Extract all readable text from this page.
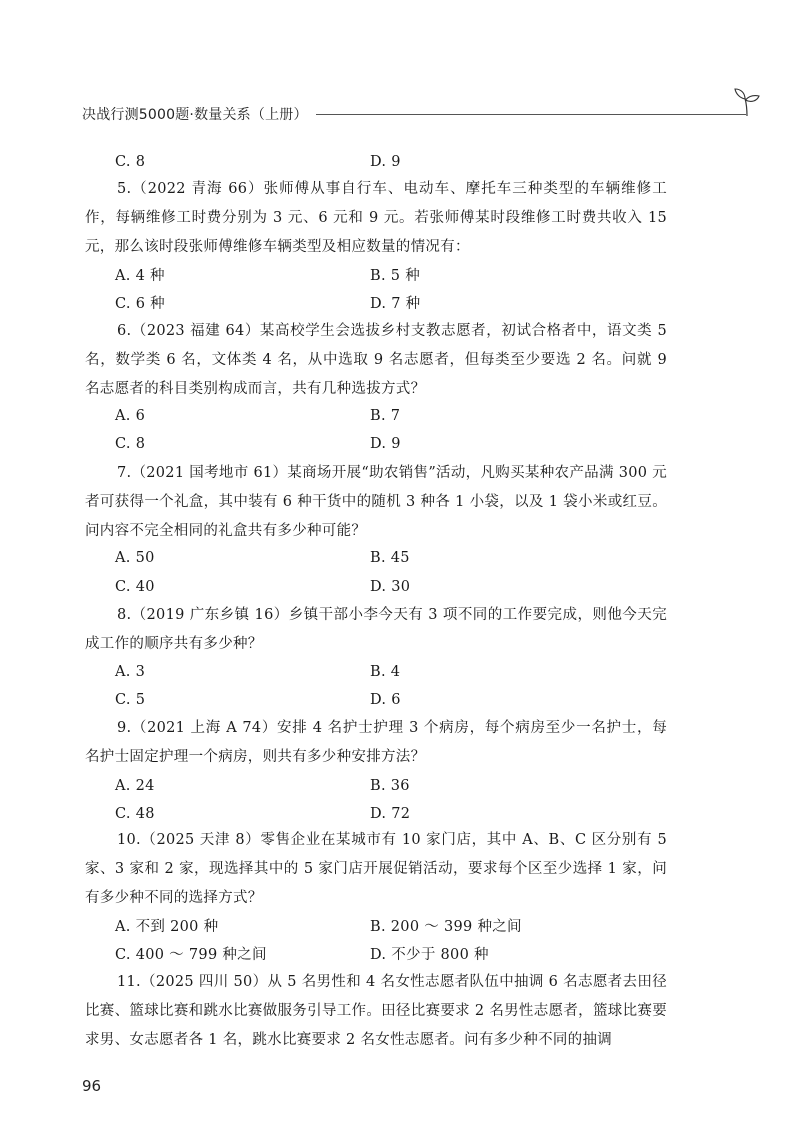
决战行测5000题·数量关系（上册）
C. 8	D. 9
5.（2022 青海 66）张师傅从事自行车、电动车、摩托车三种类型的车辆维修工作，每辆维修工时费分别为 3 元、6 元和 9 元。若张师傅某时段维修工时费共收入 15 元，那么该时段张师傅维修车辆类型及相应数量的情况有：
A. 4 种	B. 5 种
C. 6 种	D. 7 种
6.（2023 福建 64）某高校学生会选拔乡村支教志愿者，初试合格者中，语文类 5 名，数学类 6 名，文体类 4 名，从中选取 9 名志愿者，但每类至少要选 2 名。问就 9 名志愿者的科目类别构成而言，共有几种选拔方式？
A. 6	B. 7
C. 8	D. 9
7.（2021 国考地市 61）某商场开展“助农销售”活动，凡购买某种农产品满 300 元者可获得一个礼盒，其中装有 6 种干货中的随机 3 种各 1 小袋，以及 1 袋小米或红豆。问内容不完全相同的礼盒共有多少种可能？
A. 50	B. 45
C. 40	D. 30
8.（2019 广东乡镇 16）乡镇干部小李今天有 3 项不同的工作要完成，则他今天完成工作的顺序共有多少种？
A. 3	B. 4
C. 5	D. 6
9.（2021 上海 A 74）安排 4 名护士护理 3 个病房，每个病房至少一名护士，每名护士固定护理一个病房，则共有多少种安排方法？
A. 24	B. 36
C. 48	D. 72
10.（2025 天津 8）零售企业在某城市有 10 家门店，其中 A、B、C 区分别有 5 家、3 家和 2 家，现选择其中的 5 家门店开展促销活动，要求每个区至少选择 1 家，问有多少种不同的选择方式？
A. 不到 200 种	B. 200 ～ 399 种之间
C. 400 ～ 799 种之间	D. 不少于 800 种
11.（2025 四川 50）从 5 名男性和 4 名女性志愿者队伍中抽调 6 名志愿者去田径比赛、篮球比赛和跳水比赛做服务引导工作。田径比赛要求 2 名男性志愿者，篮球比赛要求男、女志愿者各 1 名，跳水比赛要求 2 名女性志愿者。问有多少种不同的抽调
96
